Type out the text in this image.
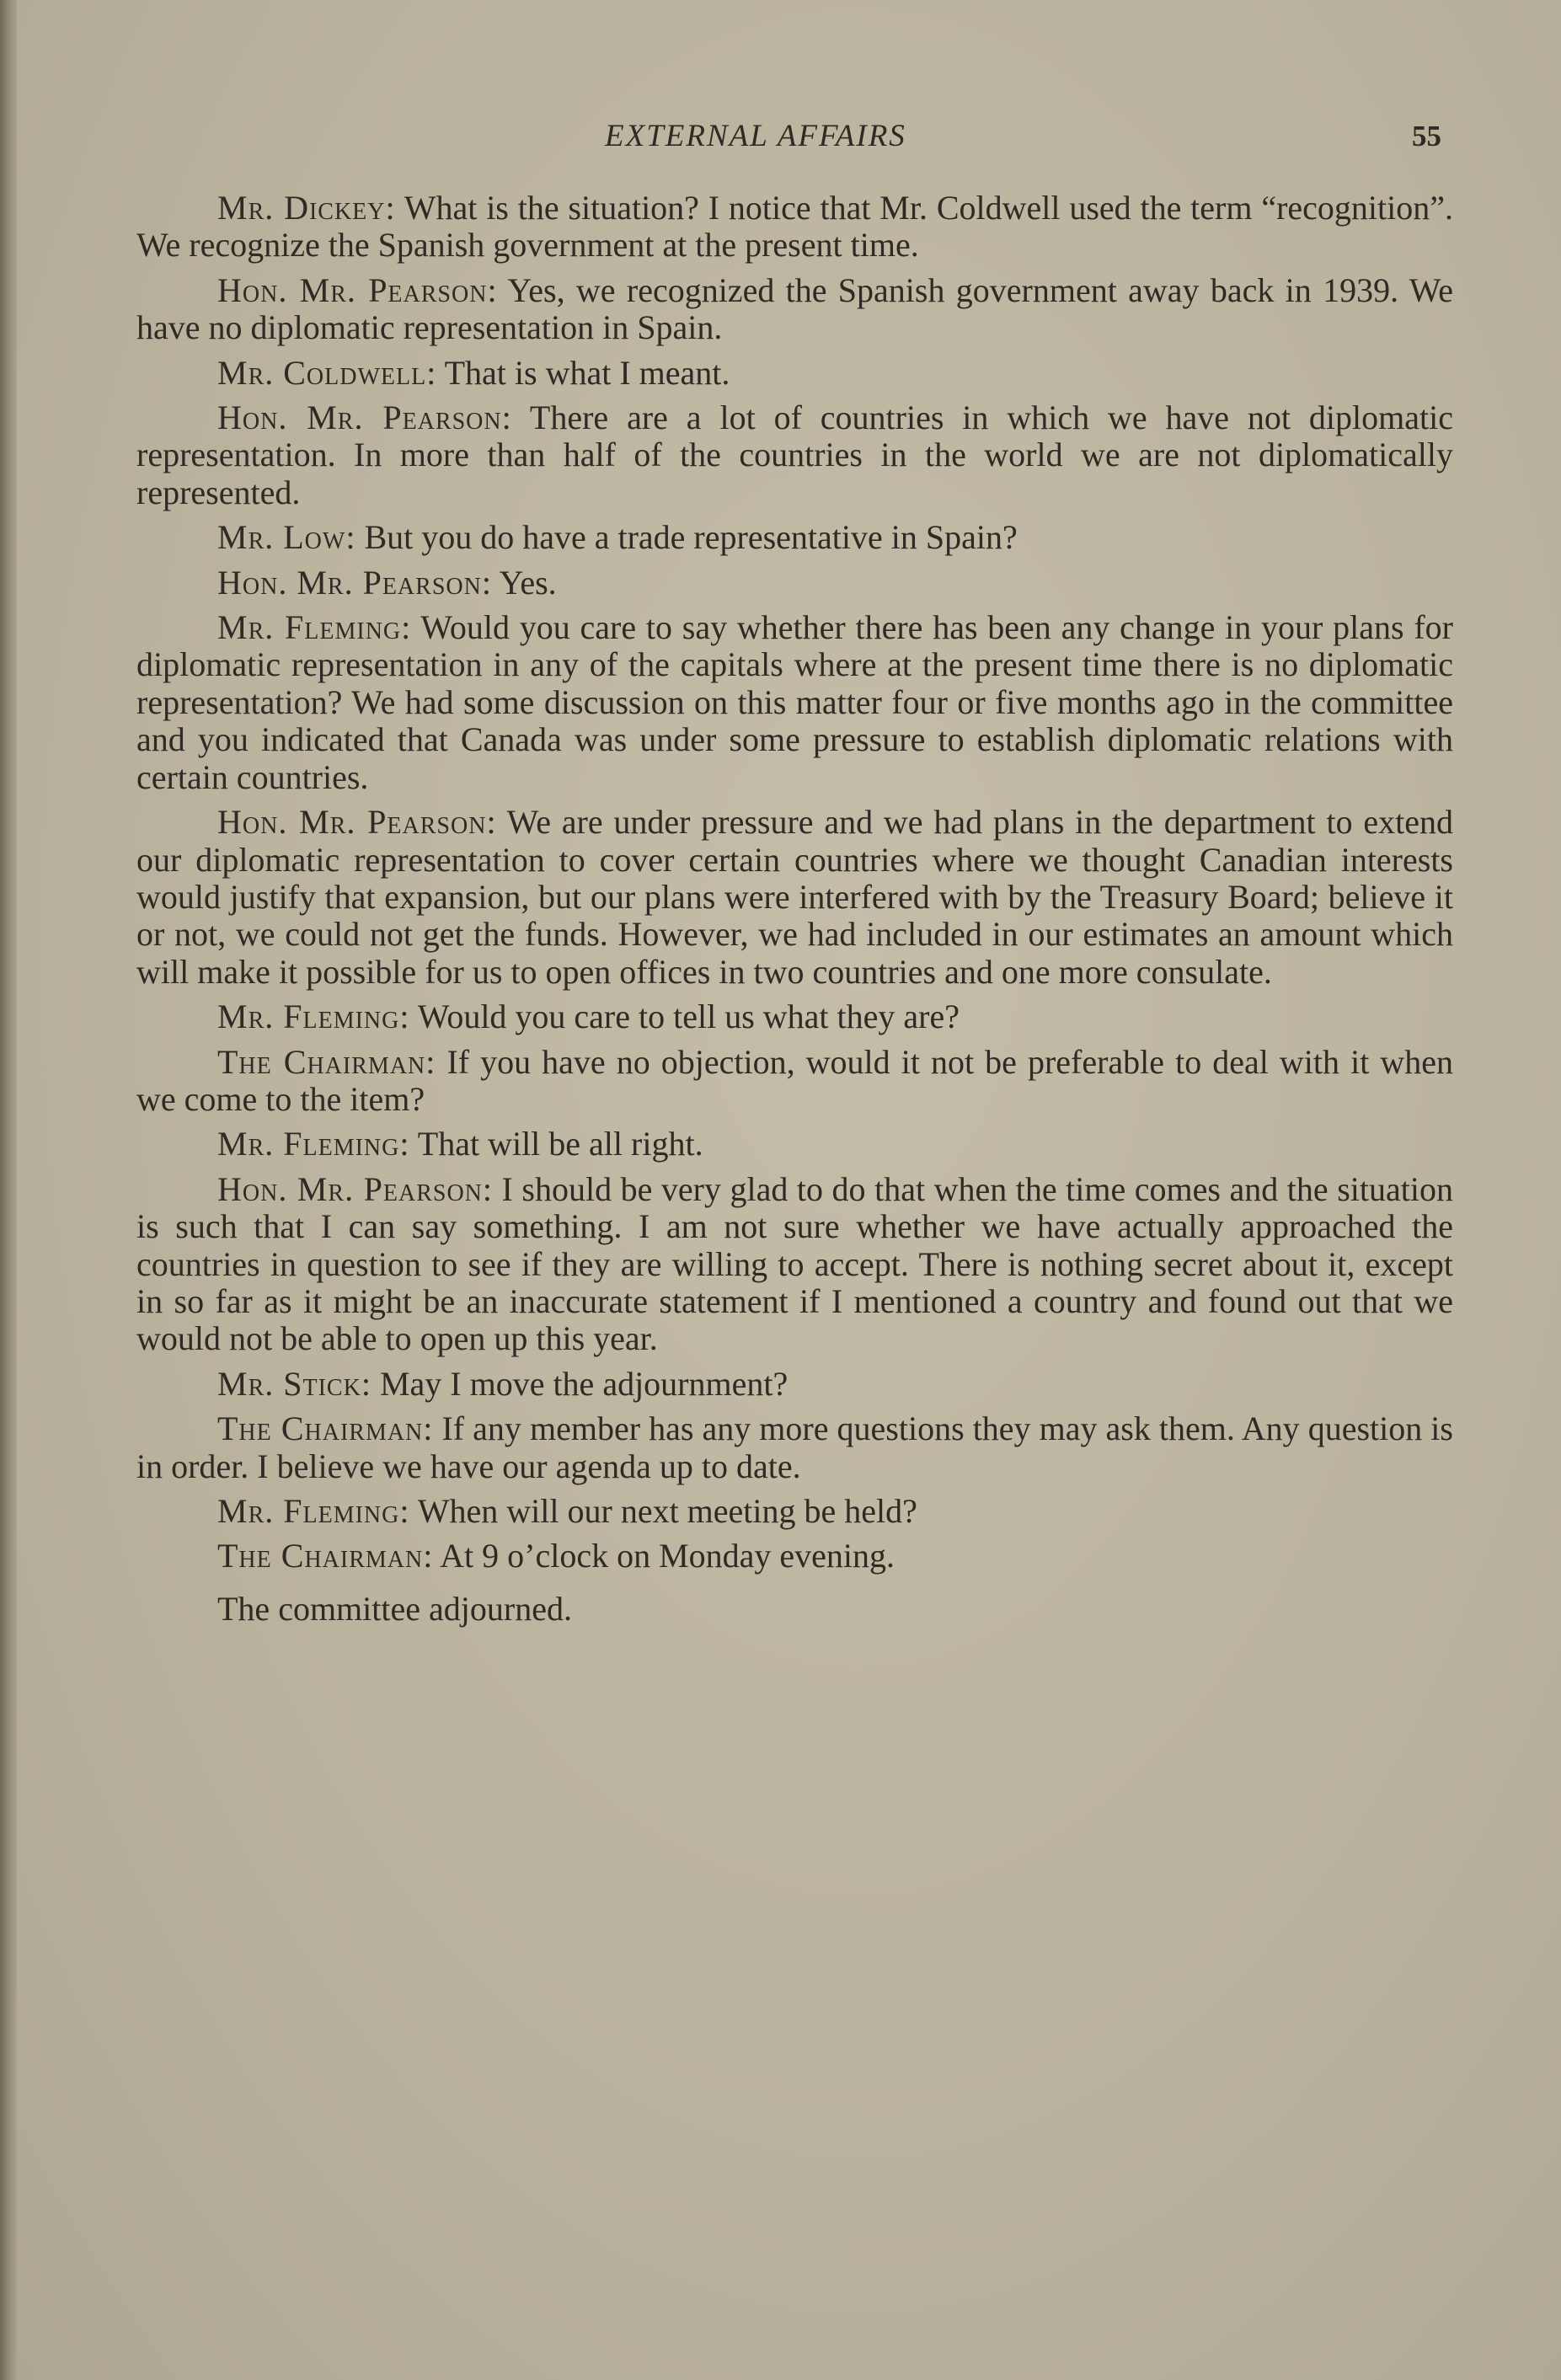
EXTERNAL AFFAIRS	55

Mr. Dickey: What is the situation? I notice that Mr. Coldwell used the term “recognition”. We recognize the Spanish government at the present time.

Hon. Mr. Pearson: Yes, we recognized the Spanish government away back in 1939. We have no diplomatic representation in Spain.

Mr. Coldwell: That is what I meant.

Hon. Mr. Pearson: There are a lot of countries in which we have not diplomatic representation. In more than half of the countries in the world we are not diplomatically represented.

Mr. Low: But you do have a trade representative in Spain?

Hon. Mr. Pearson: Yes.

Mr. Fleming: Would you care to say whether there has been any change in your plans for diplomatic representation in any of the capitals where at the present time there is no diplomatic representation? We had some discussion on this matter four or five months ago in the committee and you indicated that Canada was under some pressure to establish diplomatic relations with certain countries.

Hon. Mr. Pearson: We are under pressure and we had plans in the department to extend our diplomatic representation to cover certain countries where we thought Canadian interests would justify that expansion, but our plans were interfered with by the Treasury Board; believe it or not, we could not get the funds. However, we had included in our estimates an amount which will make it possible for us to open offices in two countries and one more consulate.

Mr. Fleming: Would you care to tell us what they are?

The Chairman: If you have no objection, would it not be preferable to deal with it when we come to the item?

Mr. Fleming: That will be all right.

Hon. Mr. Pearson: I should be very glad to do that when the time comes and the situation is such that I can say something. I am not sure whether we have actually approached the countries in question to see if they are willing to accept. There is nothing secret about it, except in so far as it might be an inaccurate statement if I mentioned a country and found out that we would not be able to open up this year.

Mr. Stick: May I move the adjournment?

The Chairman: If any member has any more questions they may ask them. Any question is in order. I believe we have our agenda up to date.

Mr. Fleming: When will our next meeting be held?

The Chairman: At 9 o’clock on Monday evening.

The committee adjourned.
